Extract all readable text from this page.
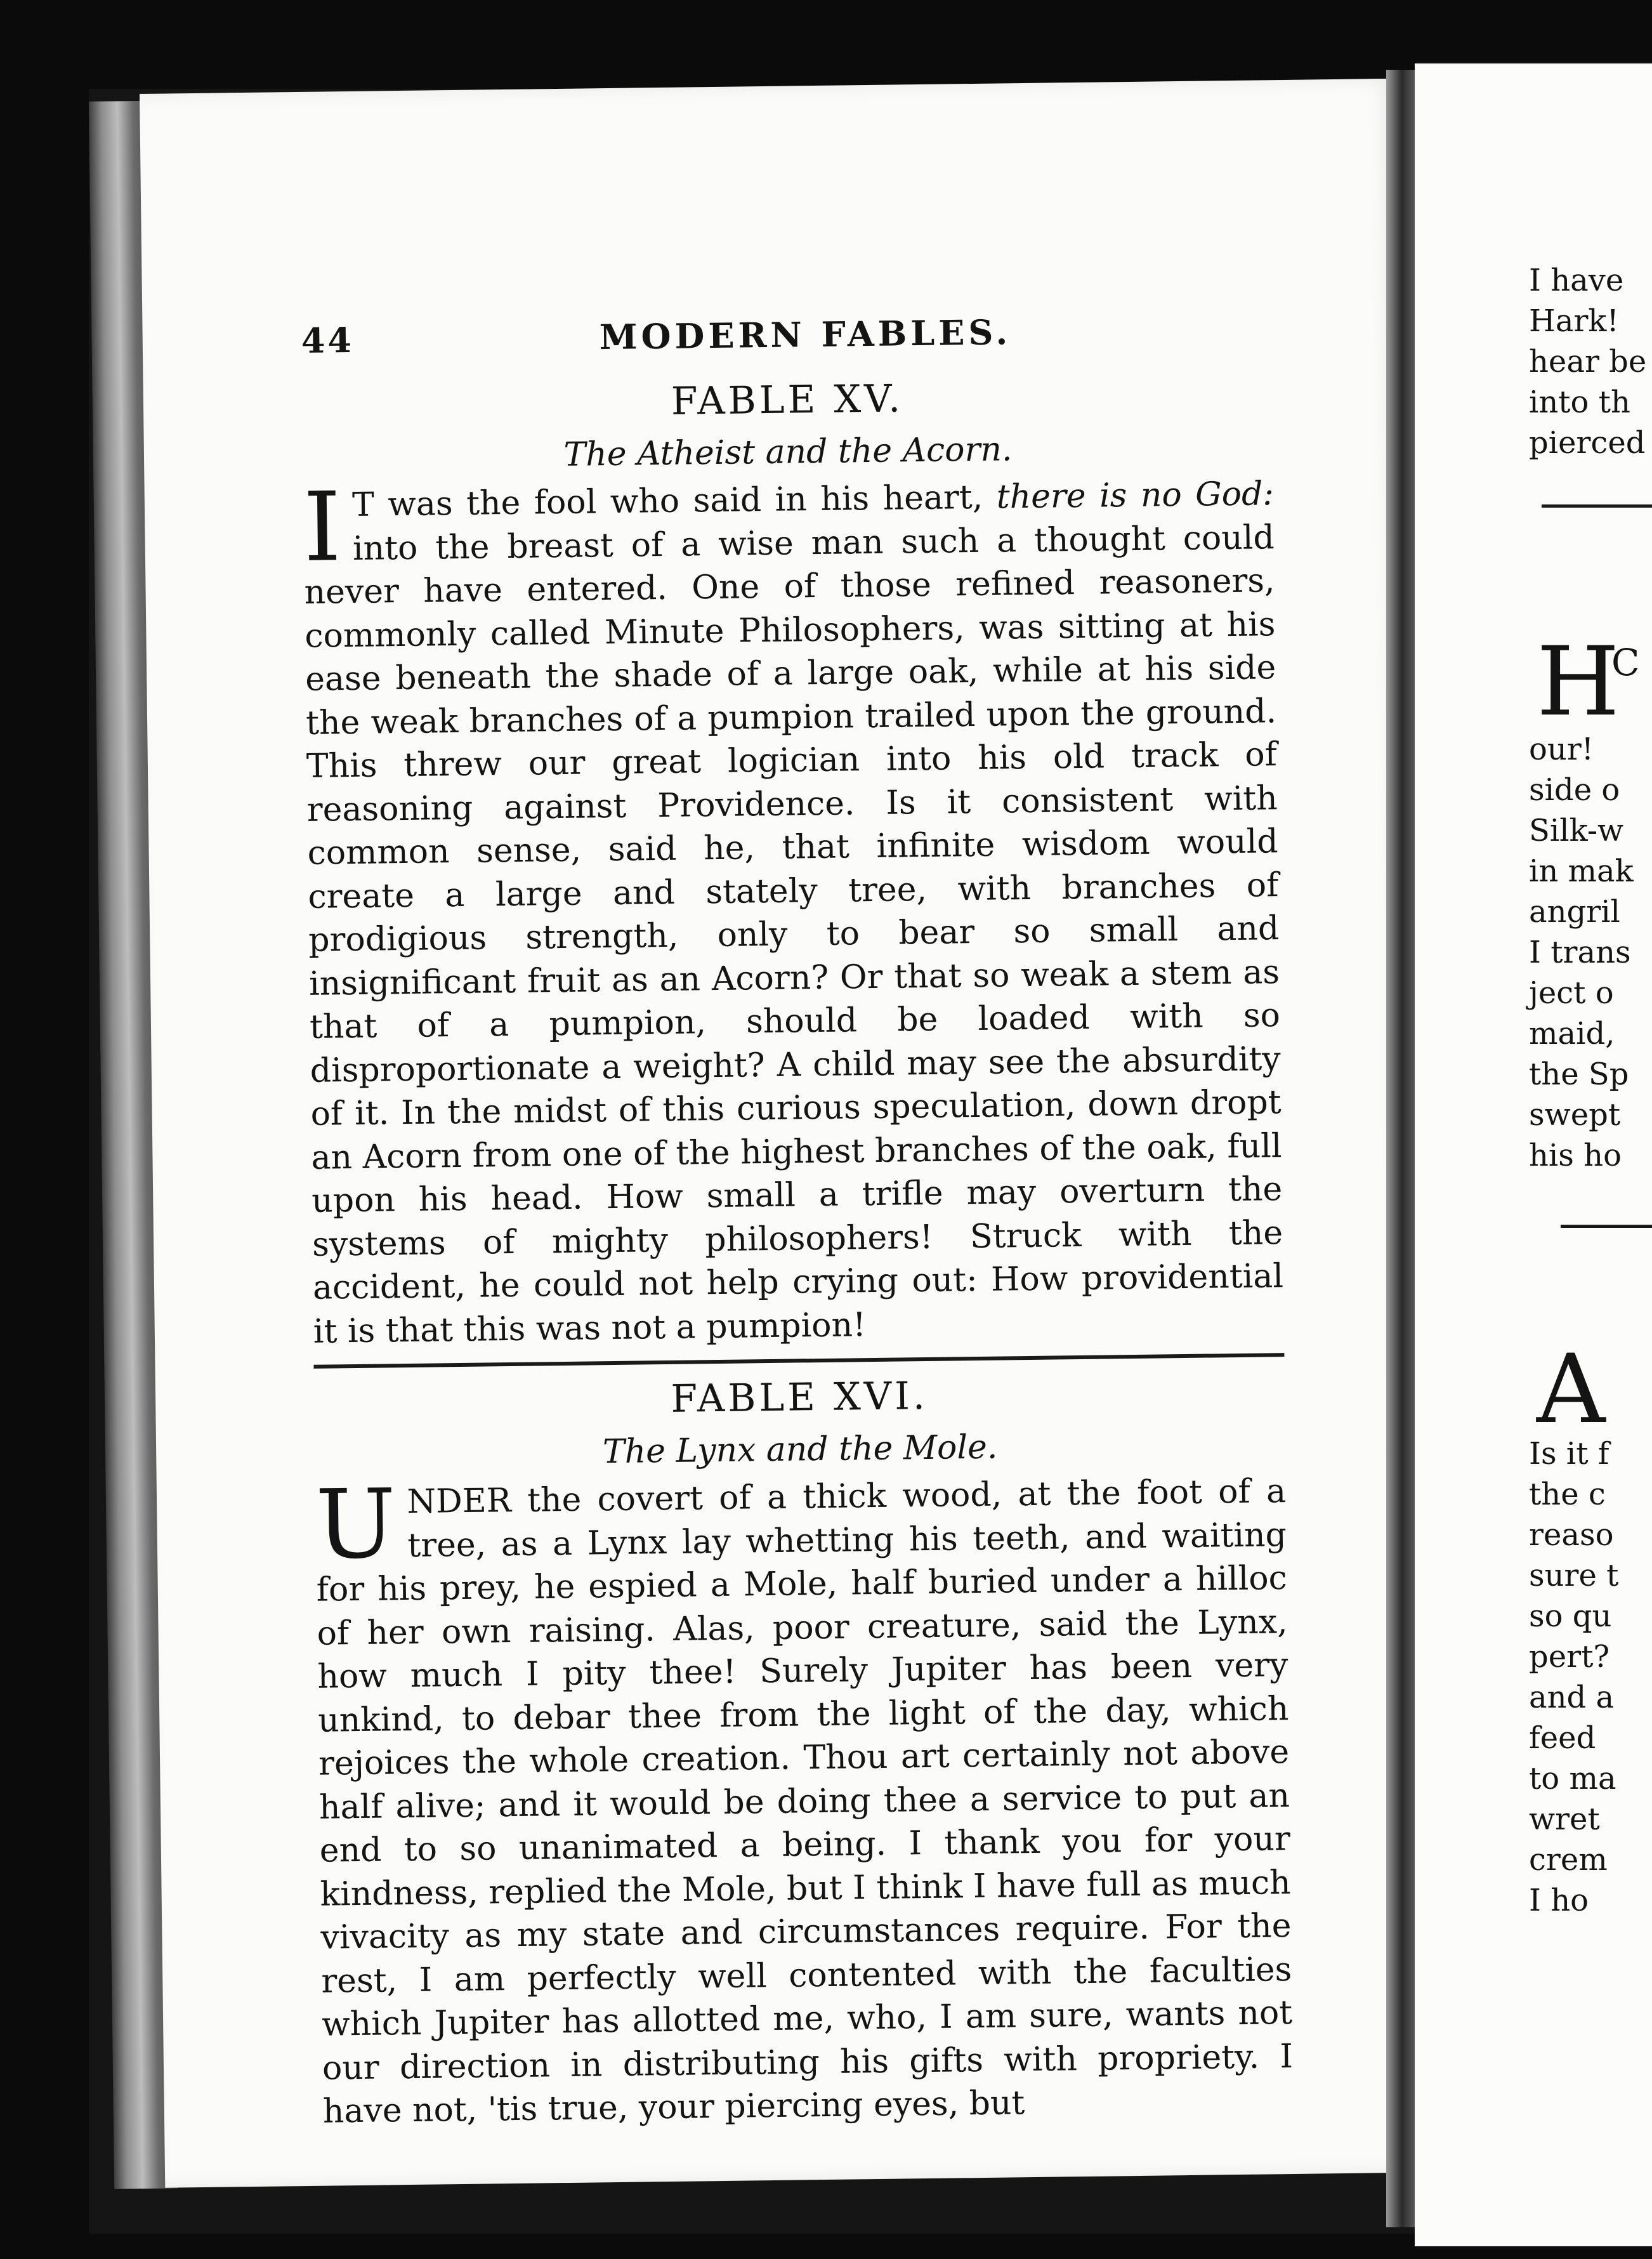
44	MODERN FABLES.
FABLE XV.
The Atheist and the Acorn.
I T was the fool who said in his heart, there is no God: into the breast of a wise man such a thought could never have entered. One of those refined reasoners, commonly called Minute Philosophers, was sitting at his ease beneath the shade of a large oak, while at his side the weak branches of a pumpion trailed upon the ground. This threw our great logician into his old track of reasoning against Providence. Is it consistent with common sense, said he, that infinite wisdom would create a large and stately tree, with branches of prodigious strength, only to bear so small and insignificant fruit as an Acorn? Or that so weak a stem as that of a pumpion, should be loaded with so disproportionate a weight? A child may see the absurdity of it. In the midst of this curious speculation, down dropt an Acorn from one of the highest branches of the oak, full upon his head. How small a trifle may overturn the systems of mighty philosophers! Struck with the accident, he could not help crying out: How providential it is that this was not a pumpion!
FABLE XVI.
The Lynx and the Mole.
UNDER the covert of a thick wood, at the foot of a tree, as a Lynx lay whetting his teeth, and waiting for his prey, he espied a Mole, half buried under a hilloc of her own raising. Alas, poor creature, said the Lynx, how much I pity thee! Surely Jupiter has been very unkind, to debar thee from the light of the day, which rejoices the whole creation. Thou art certainly not above half alive; and it would be doing thee a service to put an end to so unanimated a being. I thank you for your kindness, replied the Mole, but I think I have full as much vivacity as my state and circumstances require. For the rest, I am perfectly well contented with the faculties which Jupiter has allotted me, who, I am sure, wants not our direction in distributing his gifts with propriety. I have not, 'tis true, your piercing eyes, but
I have
Hark!
hear be
into th
pierced
H
C
our!
side o
Silk-w
in mak
angril
I trans
ject o
maid,
the Sp
swept
his ho
A
Is it f
the c
reaso
sure t
so qu
pert?
and a
feed
to ma
wret
crem
I ho
